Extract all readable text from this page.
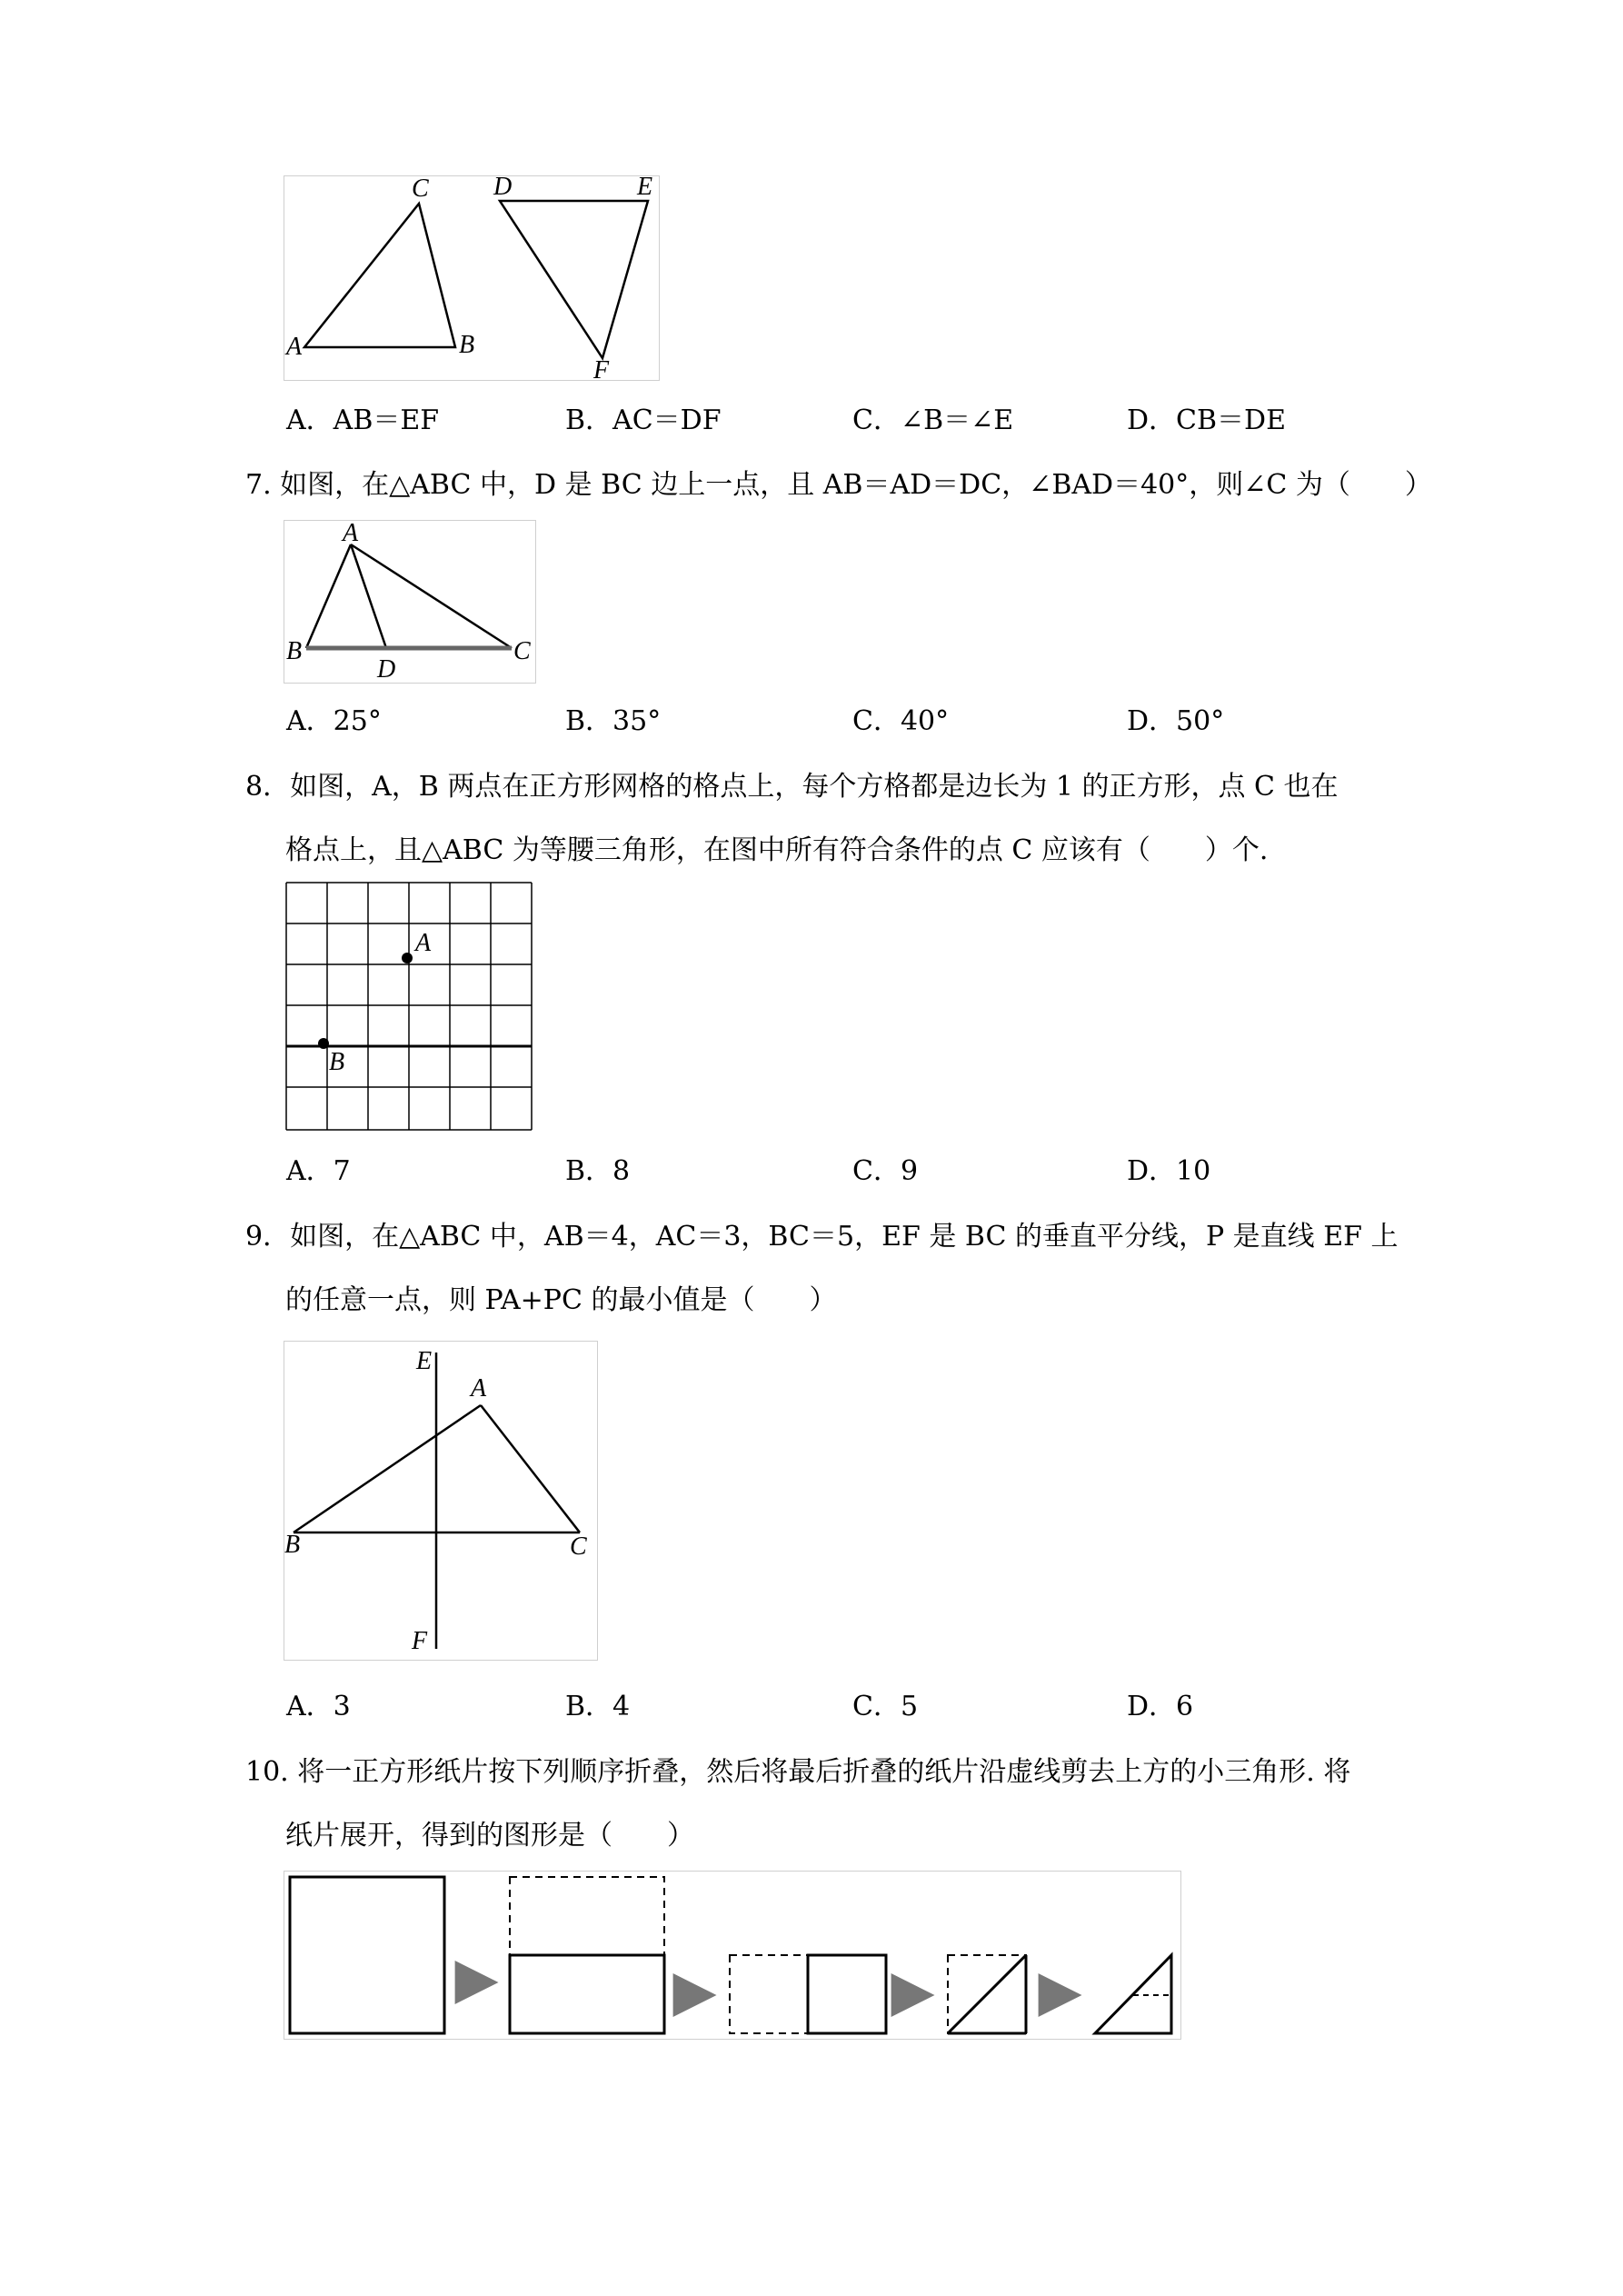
A	B
C	D	E
F
A．AB＝EF	B．AC＝DF	C．∠B＝∠E	D．CB＝DE
7. 如图，在△ABC 中，D 是 BC 边上一点，且 AB＝AD＝DC，∠BAD＝40°，则∠C 为（　　）
A
B	C
D
A．25°	B．35°	C．40°	D．50°
8．如图，A，B 两点在正方形网格的格点上，每个方格都是边长为 1 的正方形，点 C 也在
格点上，且△ABC 为等腰三角形，在图中所有符合条件的点 C 应该有（　　）个.
A
B
A．7	B．8	C．9	D．10
9．如图，在△ABC 中，AB＝4，AC＝3，BC＝5，EF 是 BC 的垂直平分线，P 是直线 EF 上
的任意一点，则 PA+PC 的最小值是（　　）
E
A
B	C
F
A．3	B．4	C．5	D．6
10. 将一正方形纸片按下列顺序折叠，然后将最后折叠的纸片沿虚线剪去上方的小三角形. 将
纸片展开，得到的图形是（　　）
